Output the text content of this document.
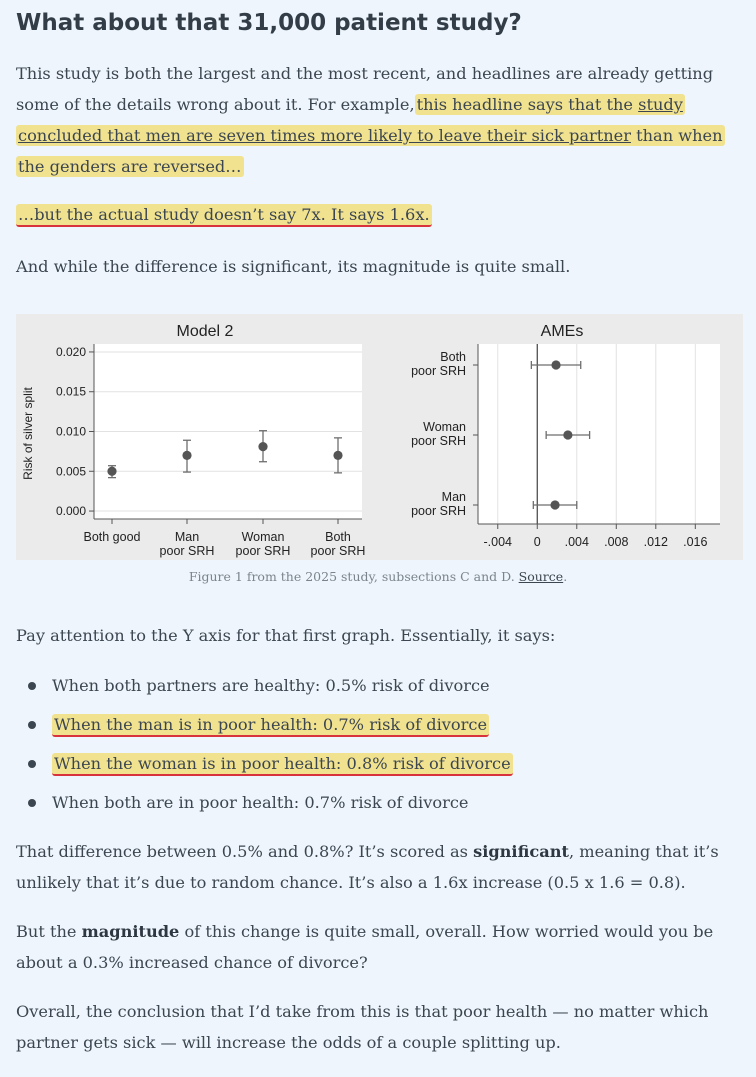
What about that 31,000 patient study?

This study is both the largest and the most recent, and headlines are already getting some of the details wrong about it. For example, this headline says that the study concluded that men are seven times more likely to leave their sick partner than when the genders are reversed…

…but the actual study doesn’t say 7x. It says 1.6x.

And while the difference is significant, its magnitude is quite small.

Model 2	AMEs
0.020
0.015
0.010
0.005
0.000
Risk of silver split
Both good	Man
poor SRH
Woman
poor SRH
Both
poor SRH
-.004 0 .004 .008 .012 .016
Both
poor SRH
Woman
poor SRH
Man
poor SRH
Figure 1 from the 2025 study, subsections C and D. Source.

Pay attention to the Y axis for that first graph. Essentially, it says:

When both partners are healthy: 0.5% risk of divorce
When the man is in poor health: 0.7% risk of divorce
When the woman is in poor health: 0.8% risk of divorce
When both are in poor health: 0.7% risk of divorce

That difference between 0.5% and 0.8%? It’s scored as significant, meaning that it’s unlikely that it’s due to random chance. It’s also a 1.6x increase (0.5 x 1.6 = 0.8).

But the magnitude of this change is quite small, overall. How worried would you be about a 0.3% increased chance of divorce?

Overall, the conclusion that I’d take from this is that poor health — no matter which partner gets sick — will increase the odds of a couple splitting up.
